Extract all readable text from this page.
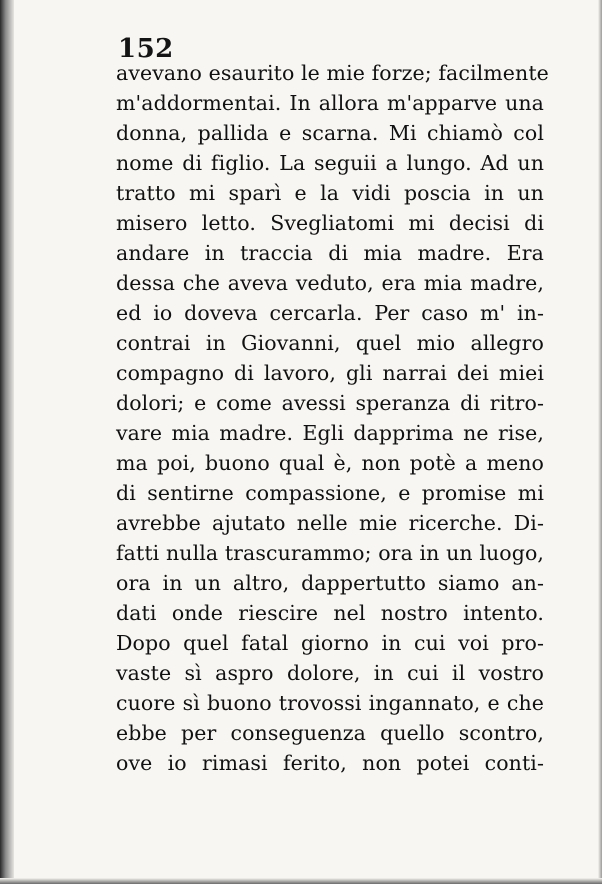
152
avevano esaurito le mie forze; facilmente
m'addormentai. In allora m'apparve una
donna, pallida e scarna. Mi chiamò col
nome di figlio. La seguii a lungo. Ad un
tratto mi sparì e la vidi poscia in un
misero letto. Svegliatomi mi decisi di
andare in traccia di mia madre. Era
dessa che aveva veduto, era mia madre,
ed io doveva cercarla. Per caso m' in-
contrai in Giovanni, quel mio allegro
compagno di lavoro, gli narrai dei miei
dolori; e come avessi speranza di ritro-
vare mia madre. Egli dapprima ne rise,
ma poi, buono qual è, non potè a meno
di sentirne compassione, e promise mi
avrebbe ajutato nelle mie ricerche. Di-
fatti nulla trascurammo; ora in un luogo,
ora in un altro, dappertutto siamo an-
dati onde riescire nel nostro intento.
Dopo quel fatal giorno in cui voi pro-
vaste sì aspro dolore, in cui il vostro
cuore sì buono trovossi ingannato, e che
ebbe per conseguenza quello scontro,
ove io rimasi ferito, non potei conti-
